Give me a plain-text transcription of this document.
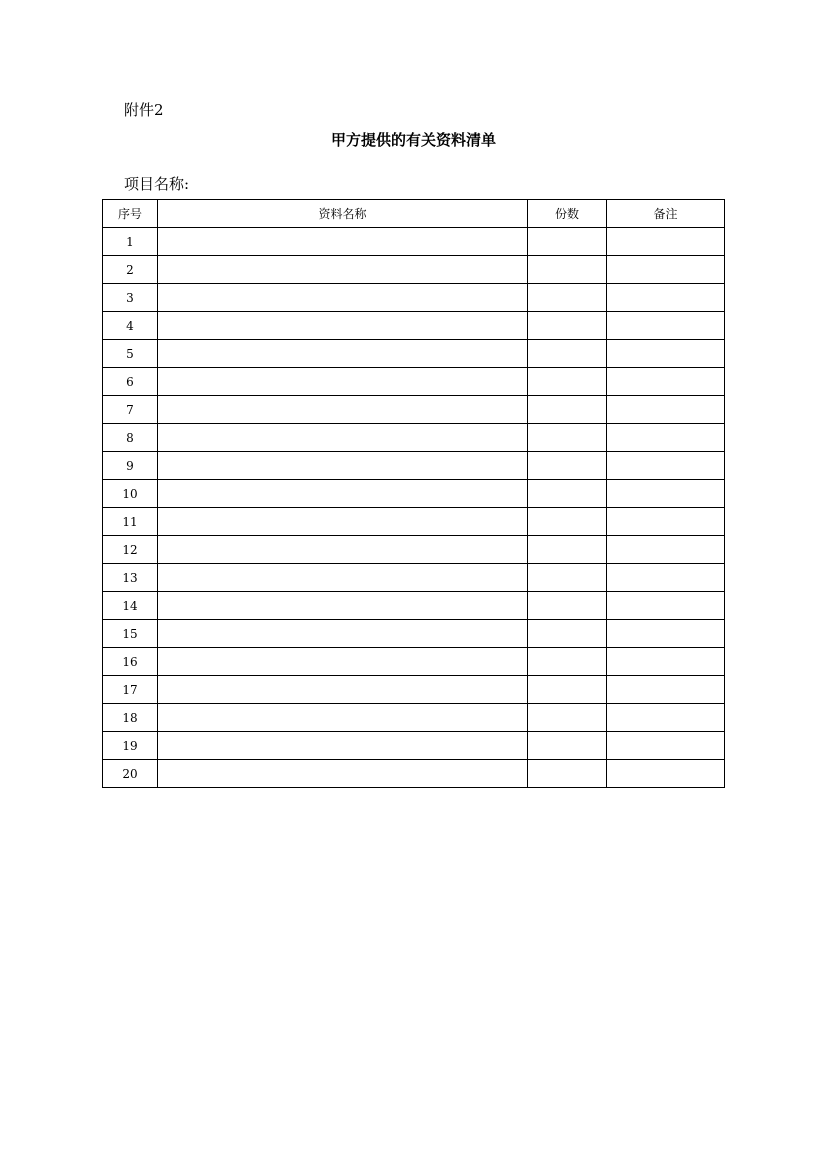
附件2
甲方提供的有关资料清单
项目名称:
序号	资料名称	份数	备注
1			
2			
3			
4			
5			
6			
7			
8			
9			
10			
11			
12			
13			
14			
15			
16			
17			
18			
19			
20			
